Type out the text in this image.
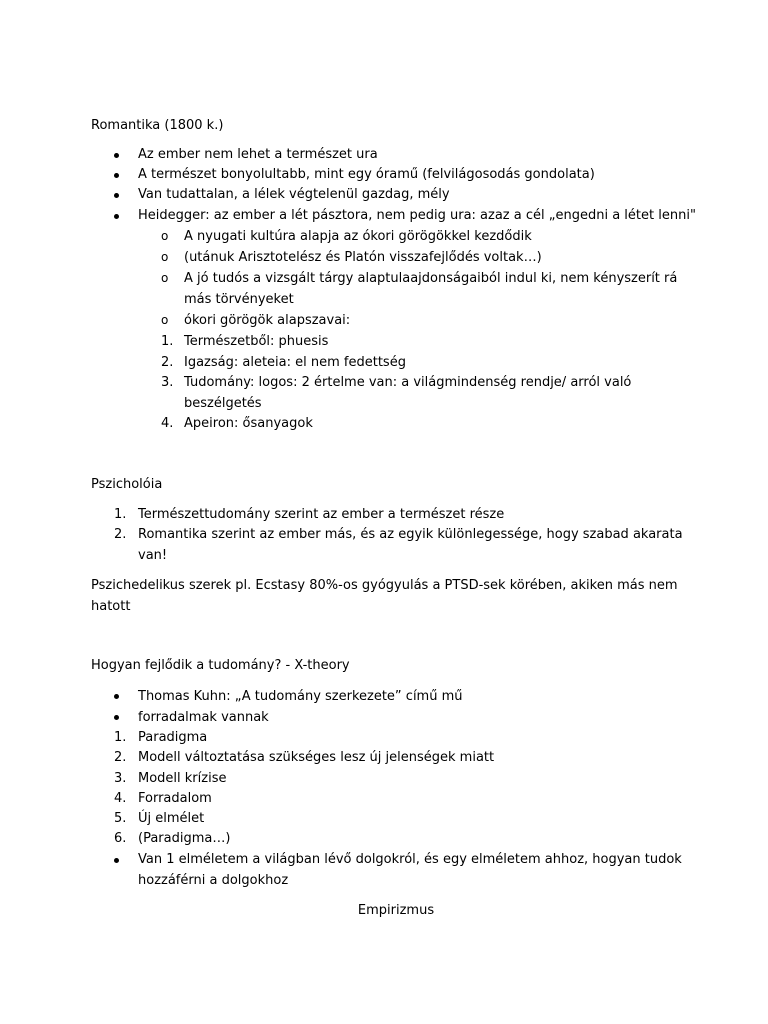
Romantika (1800 k.)
Az ember nem lehet a természet ura
A természet bonyolultabb, mint egy óramű (felvilágosodás gondolata)
Van tudattalan, a lélek végtelenül gazdag, mély
Heidegger: az ember a lét pásztora, nem pedig ura: azaz a cél „engedni a létet lenni"
o A nyugati kultúra alapja az ókori görögökkel kezdődik
o (utánuk Arisztotelész és Platón visszafejlődés voltak…)
o A jó tudós a vizsgált tárgy alaptulaajdonságaiból indul ki, nem kényszerít rá
más törvényeket
o ókori görögök alapszavai:
1. Természetből: phuesis
2. Igazság: aleteia: el nem fedettség
3. Tudomány: logos: 2 értelme van: a világmindenség rendje/ arról való
beszélgetés
4. Apeiron: ősanyagok
Pszicholóia
1. Természettudomány szerint az ember a természet része
2. Romantika szerint az ember más, és az egyik különlegessége, hogy szabad akarata
van!
Pszichedelikus szerek pl. Ecstasy 80%-os gyógyulás a PTSD-sek körében, akiken más nem
hatott
Hogyan fejlődik a tudomány? - X-theory
Thomas Kuhn: „A tudomány szerkezete” című mű
forradalmak vannak
1. Paradigma
2. Modell változtatása szükséges lesz új jelenségek miatt
3. Modell krízise
4. Forradalom
5. Új elmélet
6. (Paradigma…)
Van 1 elméletem a világban lévő dolgokról, és egy elméletem ahhoz, hogyan tudok
hozzáférni a dolgokhoz
Empirizmus
